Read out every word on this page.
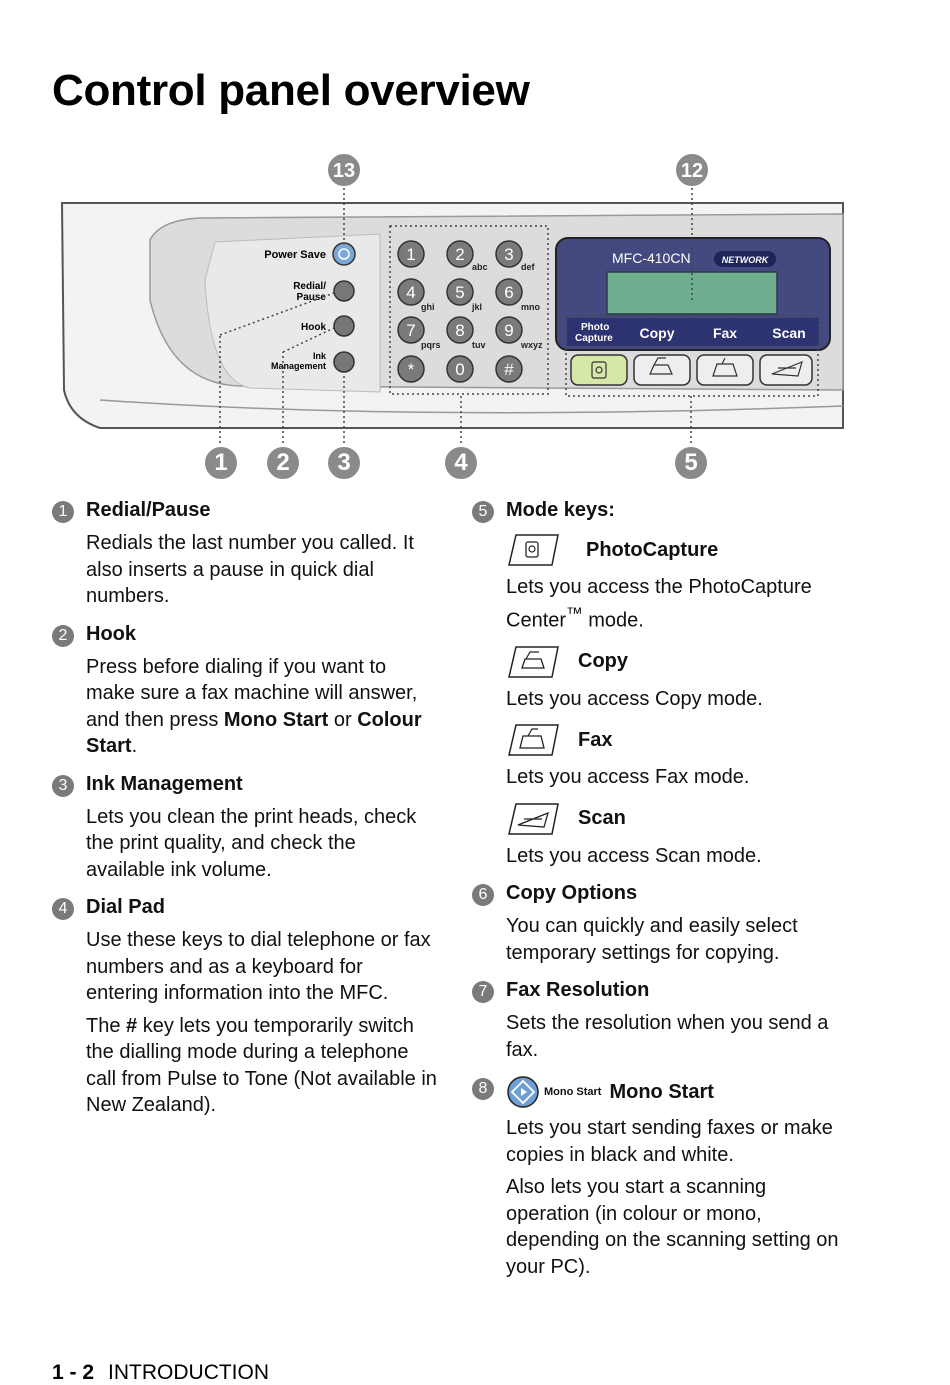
Control panel overview
Power Save
Redial/
Pause
Hook
Ink
Management
1 2 3
4 5 6
7 8 9
* 0 #
abc	def
ghi	jkl	mno
pqrs	tuv	wxyz
MFC-410CN	NETWORK
Photo
Capture Copy	Fax	Scan
13	12
1 2 3	4	5
1 Redial/Pause

Redials the last number you called. It also inserts a pause in quick dial numbers.

2 Hook

Press before dialing if you want to make sure a fax machine will answer, and then press Mono Start or Colour Start.

3 Ink Management

Lets you clean the print heads, check the print quality, and check the available ink volume.

4 Dial Pad

Use these keys to dial telephone or fax numbers and as a keyboard for entering information into the MFC.

The # key lets you temporarily switch the dialling mode during a telephone call from Pulse to Tone (Not available in New Zealand).

5 Mode keys:
PhotoCapture

Lets you access the PhotoCapture Center™ mode.

Copy

Lets you access Copy mode.

Fax

Lets you access Fax mode.

Scan

Lets you access Scan mode.

6 Copy Options

You can quickly and easily select temporary settings for copying.

7 Fax Resolution

Sets the resolution when you send a fax.

8	Mono Start Mono Start

Lets you start sending faxes or make copies in black and white.

Also lets you start a scanning operation (in colour or mono, depending on the scanning setting on your PC).

1 - 2 INTRODUCTION
